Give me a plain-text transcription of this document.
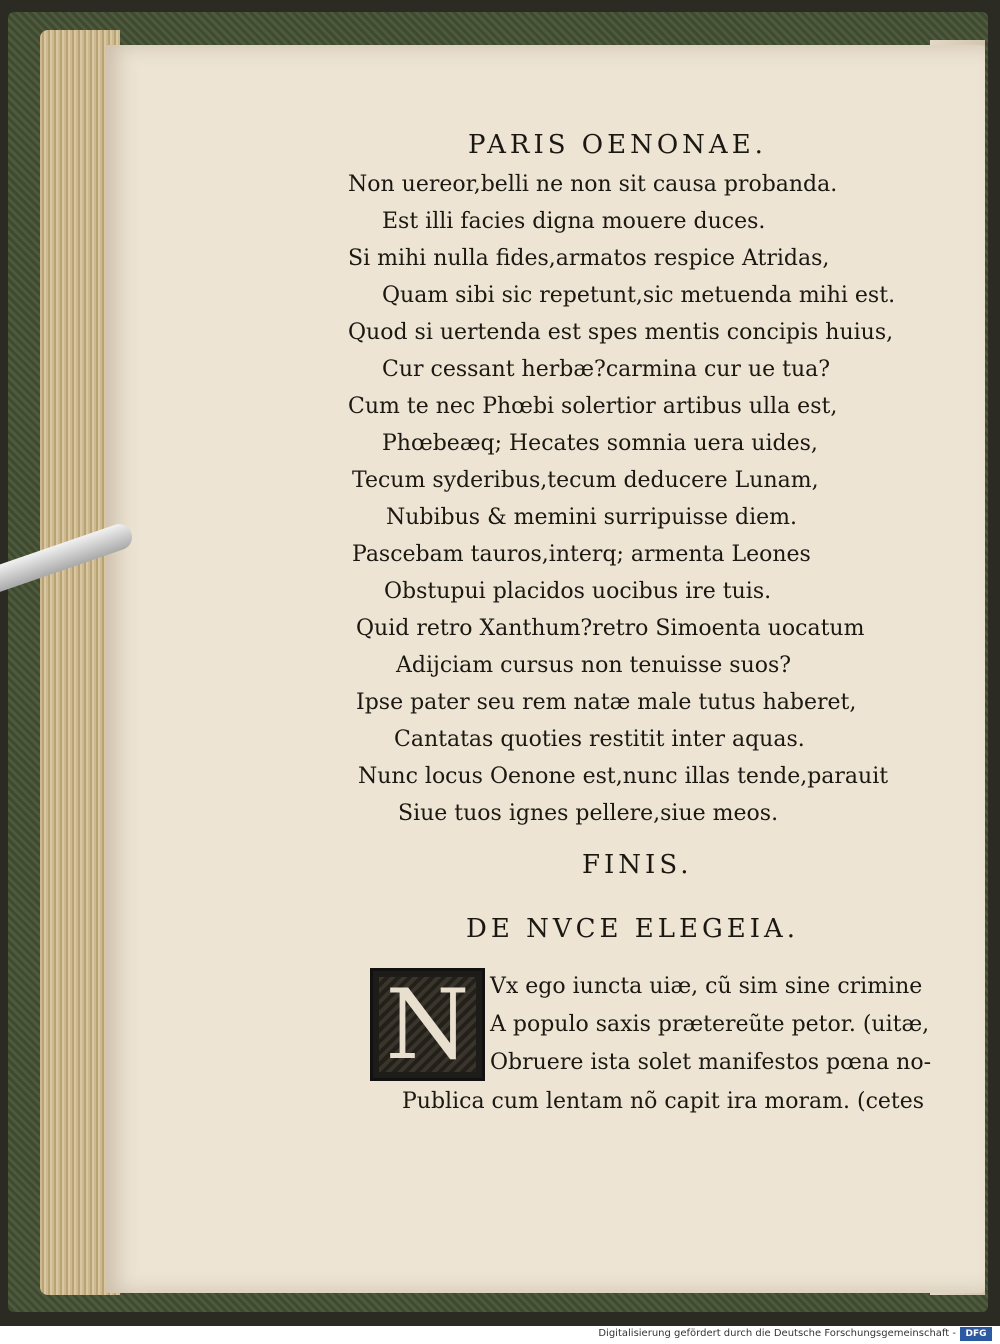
PARIS OENONAE.
Non uereor,belli ne non sit causa probanda.
Est illi facies digna mouere duces.
Si mihi nulla fides,armatos respice Atridas,
Quam sibi sic repetunt,sic metuenda mihi est.
Quod si uertenda est spes mentis concipis huius,
Cur cessant herbæ?carmina cur ue tua?
Cum te nec Phœbi solertior artibus ulla est,
Phœbeæq; Hecates somnia uera uides,
Tecum syderibus,tecum deducere Lunam,
Nubibus & memini surripuisse diem.
Pascebam tauros,interq; armenta Leones
Obstupui placidos uocibus ire tuis.
Quid retro Xanthum?retro Simoenta uocatum
Adijciam cursus non tenuisse suos?
Ipse pater seu rem natæ male tutus haberet,
Cantatas quoties restitit inter aquas.
Nunc locus Oenone est,nunc illas tende,parauit
Siue tuos ignes pellere,siue meos.
FINIS.
DE NVCE ELEGEIA.
N Vx ego iuncta uiæ, cũ sim sine crimine
A populo saxis prætereũte petor. (uitæ,
Obruere ista solet manifestos pœna no-
Publica cum lentam nõ capit ira moram. (cetes
Digitalisierung gefördert durch die Deutsche Forschungsgemeinschaft -	DFG
